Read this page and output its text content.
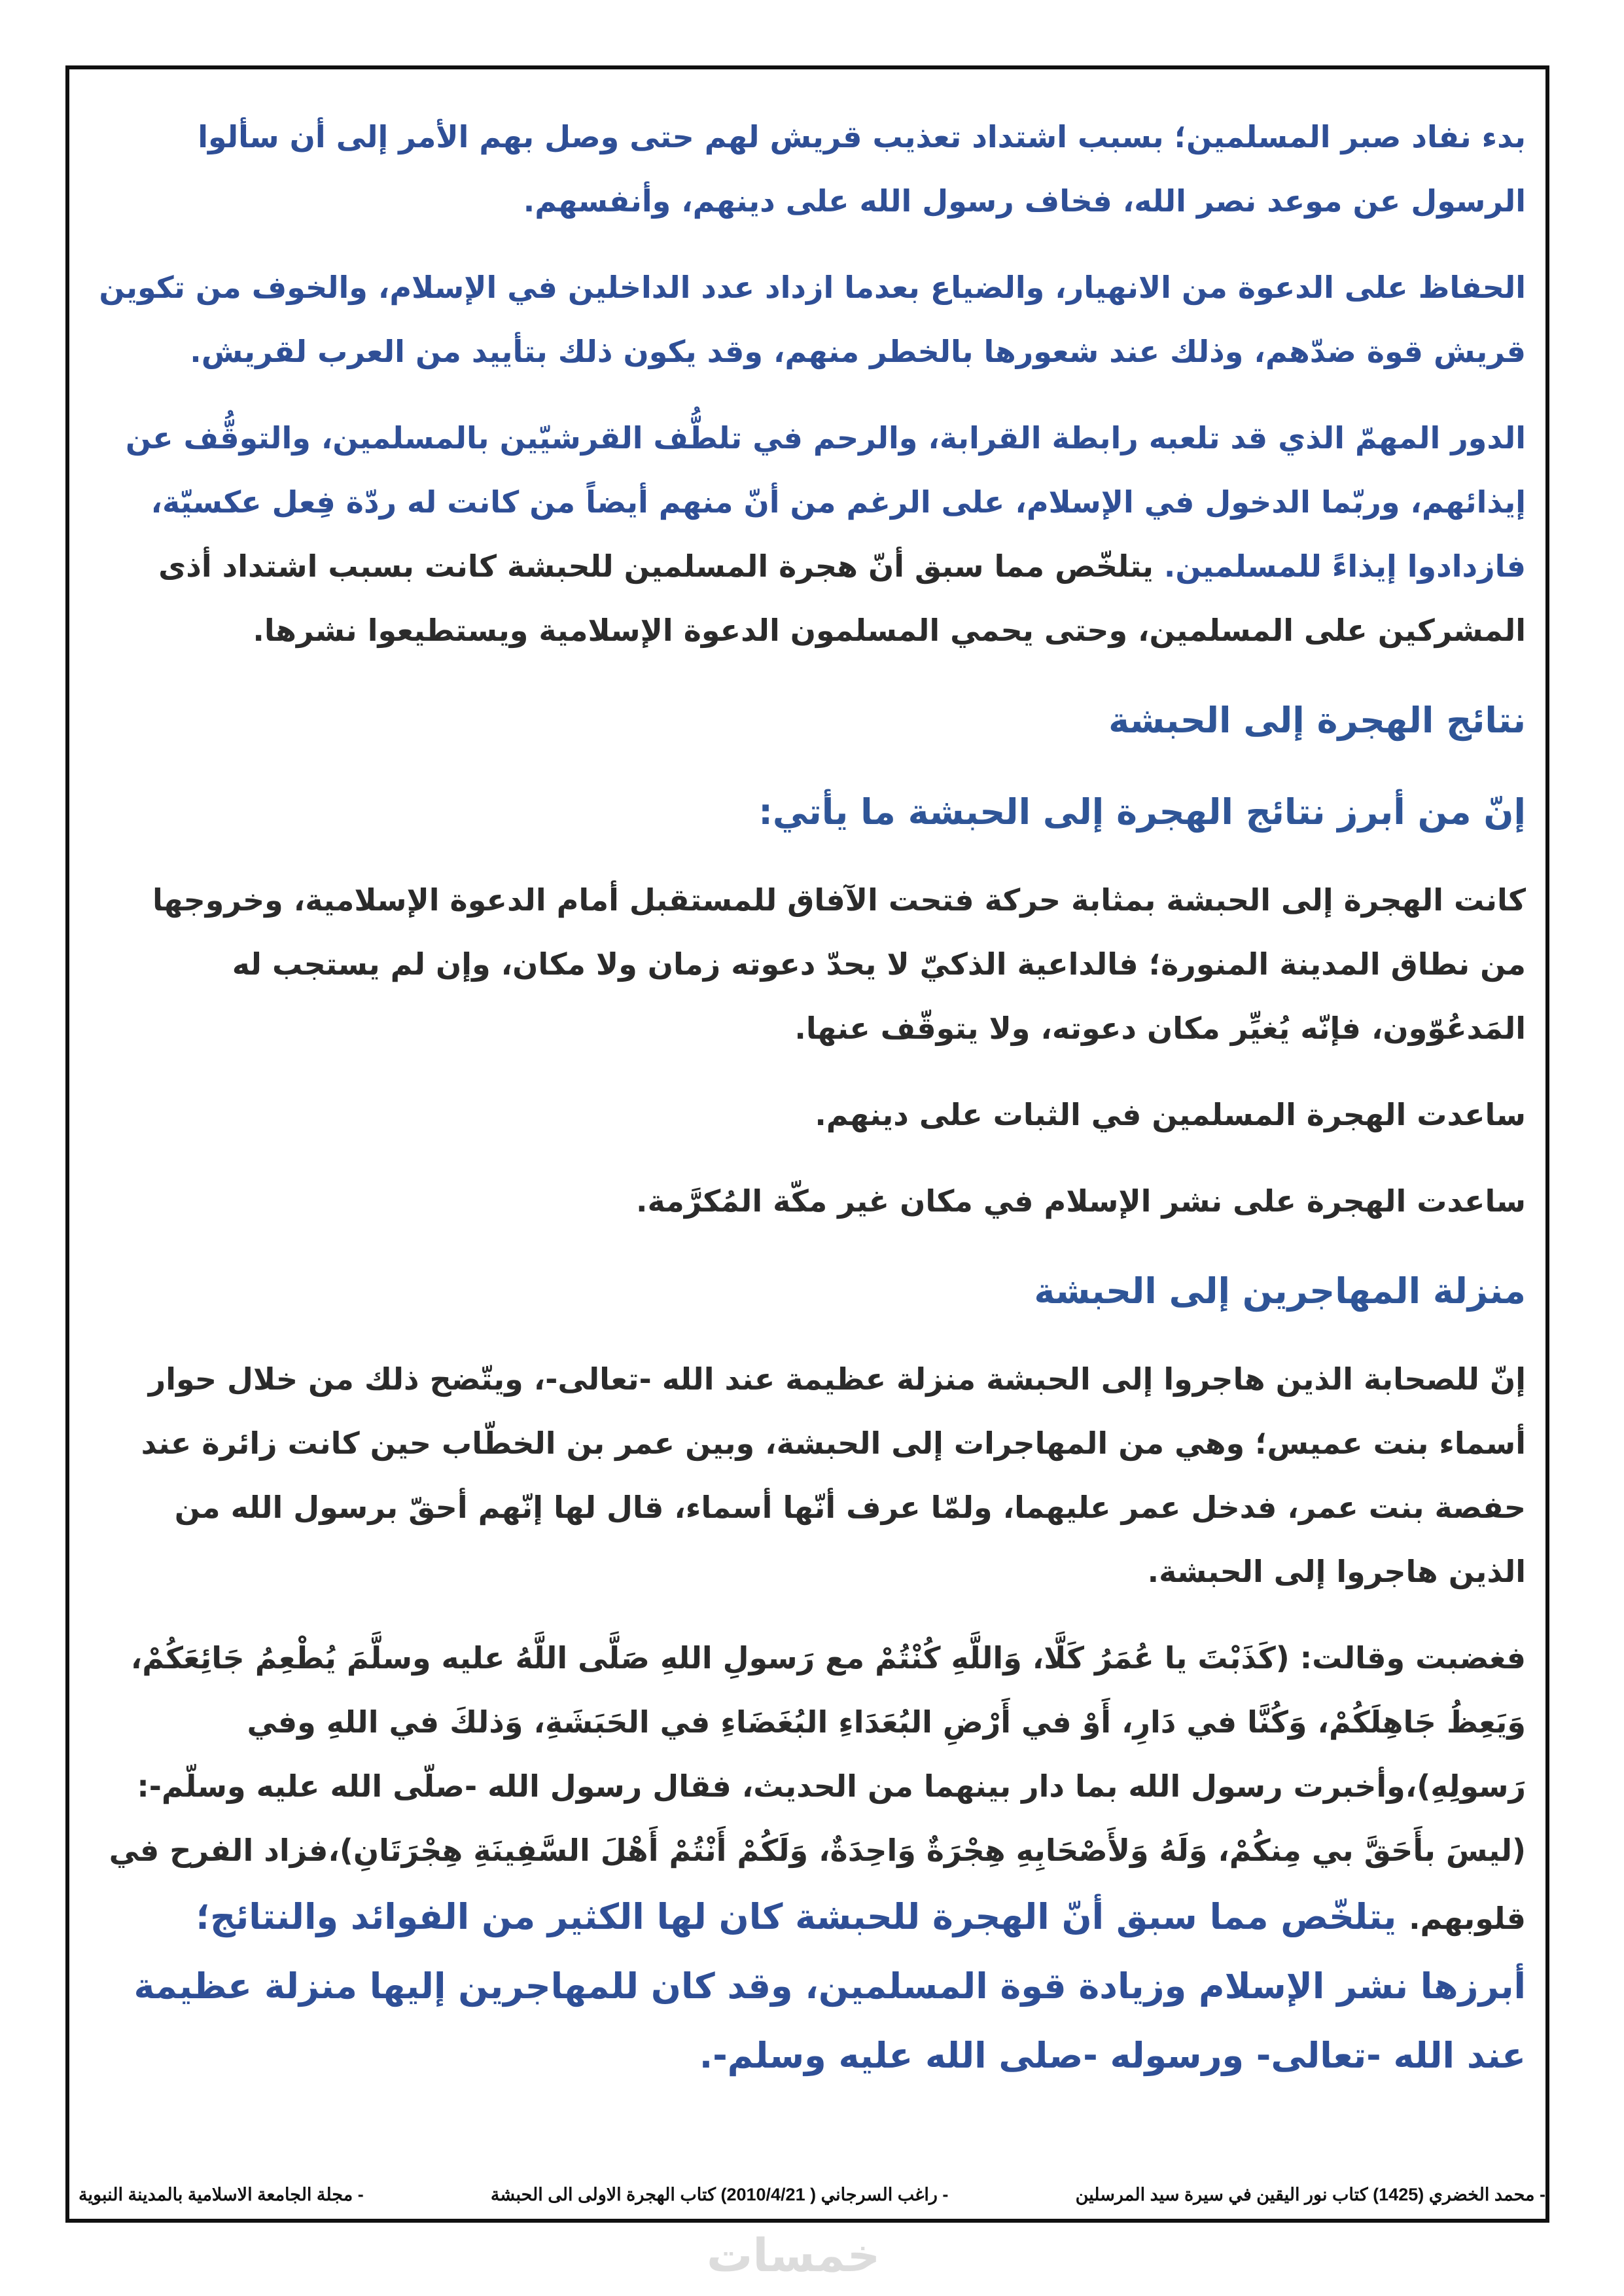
بدء نفاد صبر المسلمين؛ بسبب اشتداد تعذيب قريش لهم حتى وصل بهم الأمر إلى أن سألوا الرسول عن موعد نصر الله، فخاف رسول الله على دينهم، وأنفسهم.

الحفاظ على الدعوة من الانهيار، والضياع بعدما ازداد عدد الداخلين في الإسلام، والخوف من تكوين قريش قوة ضدّهم، وذلك عند شعورها بالخطر منهم، وقد يكون ذلك بتأييد من العرب لقريش.

الدور المهمّ الذي قد تلعبه رابطة القرابة، والرحم في تلطُّف القرشيّين بالمسلمين، والتوقُّف عن إيذائهم، وربّما الدخول في الإسلام، على الرغم من أنّ منهم أيضاً من كانت له ردّة فِعل عكسيّة، فازدادوا إيذاءً للمسلمين. يتلخّص مما سبق أنّ هجرة المسلمين للحبشة كانت بسبب اشتداد أذى المشركين على المسلمين، وحتى يحمي المسلمون الدعوة الإسلامية ويستطيعوا نشرها.

نتائج الهجرة إلى الحبشة
إنّ من أبرز نتائج الهجرة إلى الحبشة ما يأتي:

كانت الهجرة إلى الحبشة بمثابة حركة فتحت الآفاق للمستقبل أمام الدعوة الإسلامية، وخروجها من نطاق المدينة المنورة؛ فالداعية الذكيّ لا يحدّ دعوته زمان ولا مكان، وإن لم يستجب له المَدعُوّون، فإنّه يُغيِّر مكان دعوته، ولا يتوقّف عنها.

ساعدت الهجرة المسلمين في الثبات على دينهم.

ساعدت الهجرة على نشر الإسلام في مكان غير مكّة المُكرَّمة.

منزلة المهاجرين إلى الحبشة

إنّ للصحابة الذين هاجروا إلى الحبشة منزلة عظيمة عند الله -تعالى-، ويتّضح ذلك من خلال حوار أسماء بنت عميس؛ وهي من المهاجرات إلى الحبشة، وبين عمر بن الخطّاب حين كانت زائرة عند حفصة بنت عمر، فدخل عمر عليهما، ولمّا عرف أنّها أسماء، قال لها إنّهم أحقّ برسول الله من الذين هاجروا إلى الحبشة.

فغضبت وقالت: (كَذَبْتَ يا عُمَرُ كَلَّا، وَاللَّهِ كُنْتُمْ مع رَسولِ اللهِ صَلَّى اللَّهُ عليه وسلَّمَ يُطْعِمُ جَائِعَكُمْ، وَيَعِظُ جَاهِلَكُمْ، وَكُنَّا في دَارِ، أَوْ في أَرْضِ البُعَدَاءِ البُغَضَاءِ في الحَبَشَةِ، وَذلكَ في اللهِ وفي رَسولِهِ)،وأخبرت رسول الله بما دار بينهما من الحديث، فقال رسول الله -صلّى الله عليه وسلّم-: (ليسَ بأَحَقَّ بي مِنكُمْ، وَلَهُ وَلأَصْحَابِهِ هِجْرَةٌ وَاحِدَةٌ، وَلَكُمْ أَنْتُمْ أَهْلَ السَّفِينَةِ هِجْرَتَانِ)،فزاد الفرح في قلوبهم. يتلخّص مما سبق أنّ الهجرة للحبشة كان لها الكثير من الفوائد والنتائج؛ أبرزها نشر الإسلام وزيادة قوة المسلمين، وقد كان للمهاجرين إليها منزلة عظيمة عند الله -تعالى- ورسوله -صلى الله عليه وسلم-.

- محمد الخضري (1425) كتاب نور اليقين في سيرة سيد المرسلين
- راغب السرجاني ( 2010/4/21) كتاب الهجرة الاولى الى الحبشة
- مجلة الجامعة الاسلامية بالمدينة النبوية
خمسات
